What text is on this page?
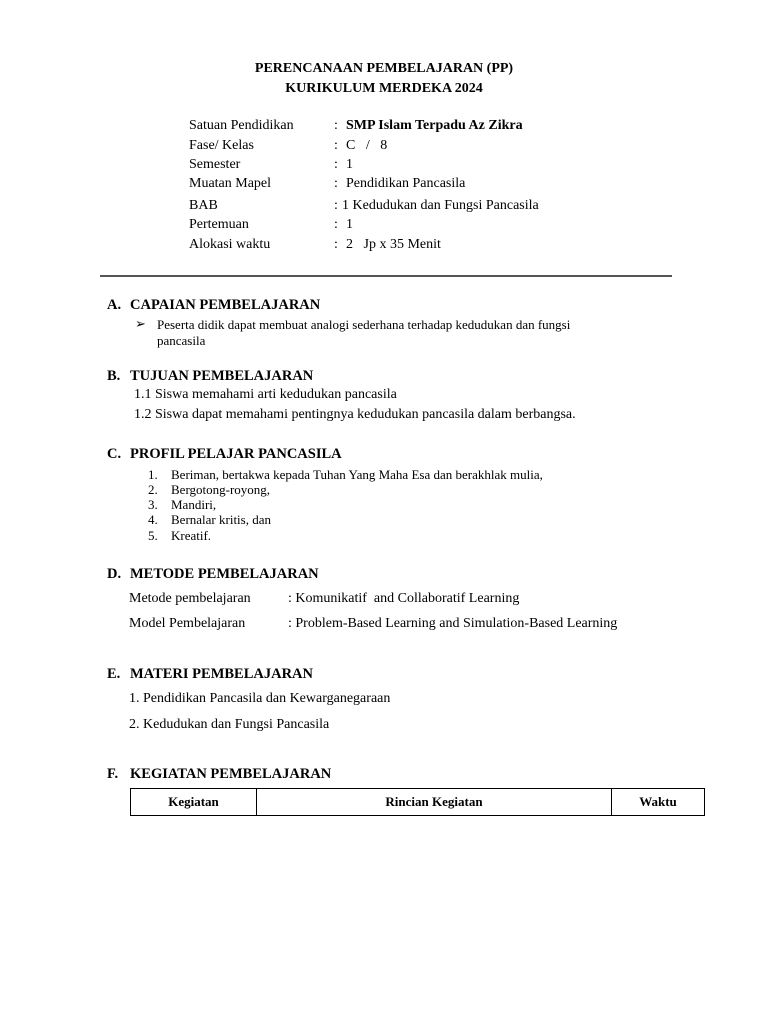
PERENCANAAN PEMBELAJARAN (PP)
KURIKULUM MERDEKA 2024
Satuan Pendidikan	: SMP Islam Terpadu Az Zikra
Fase/ Kelas	: C   /   8
Semester	: 1
Muatan Mapel	: Pendidikan Pancasila
BAB	: 1 Kedudukan dan Fungsi Pancasila
Pertemuan	: 1
Alokasi waktu	: 2   Jp x 35 Menit
A. CAPAIAN PEMBELAJARAN
➢ Peserta didik dapat membuat analogi sederhana terhadap kedudukan dan fungsi
pancasila
B. TUJUAN PEMBELAJARAN
1.1 Siswa memahami arti kedudukan pancasila
1.2 Siswa dapat memahami pentingnya kedudukan pancasila dalam berbangsa.
C. PROFIL PELAJAR PANCASILA
1. Beriman, bertakwa kepada Tuhan Yang Maha Esa dan berakhlak mulia,
2. Bergotong-royong,
3. Mandiri,
4. Bernalar kritis, dan
5. Kreatif.
D. METODE PEMBELAJARAN
Metode pembelajaran	: Komunikatif  and Collaboratif Learning
Model Pembelajaran	: Problem-Based Learning and Simulation-Based Learning
E. MATERI PEMBELAJARAN
1. Pendidikan Pancasila dan Kewarganegaraan
2. Kedudukan dan Fungsi Pancasila
F. KEGIATAN PEMBELAJARAN
Kegiatan	Rincian Kegiatan	Waktu
